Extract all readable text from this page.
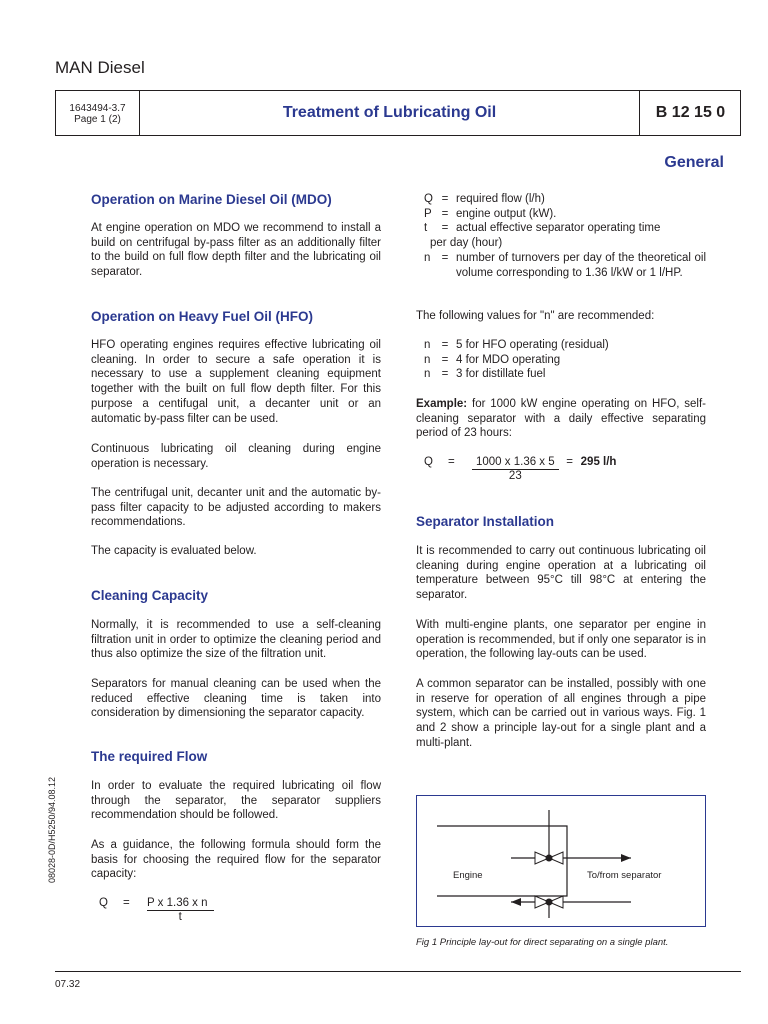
MAN Diesel
1643494-3.7
Page 1 (2)	Treatment of Lubricating Oil	B 12 15 0
General
Operation on Marine Diesel Oil (MDO)
At engine operation on MDO we recommend to install a build on centrifugal by-pass filter as an additionally filter to the build on full flow depth filter and the lubricating oil separator.
Operation on Heavy Fuel Oil (HFO)
HFO operating engines requires effective lubricating oil cleaning. In order to secure a safe operation it is necessary to use a supplement cleaning equipment together with the built on full flow depth filter. For this purpose a centifugal unit, a decanter unit or an automatic by-pass filter can be used.
Continuous lubricating oil cleaning during engine operation is necessary.
The centrifugal unit, decanter unit and the automatic by-pass filter capacity to be adjusted according to makers recommendations.
The capacity is evaluated below.
Cleaning Capacity
Normally, it is recommended to use a self-cleaning filtration unit in order to optimize the cleaning period and thus also optimize the size of the filtration unit.
Separators for manual cleaning can be used when the reduced effective cleaning time is taken into consideration by dimensioning the separator capacity.
The required Flow
In order to evaluate the required lubricating oil flow through the separator, the separator suppliers recommendation should be followed.
As a guidance, the following formula should form the basis for choosing the required flow for the separator capacity:
Q	=	$\frac{\text{P x 1.36 x n}}{t}$
Q = required flow (l/h)
P = engine output (kW).
t	= actual effective separator operating time
per day (hour)
n = number of turnovers per day of the theoretical oil volume corresponding to 1.36 l/kW or 1 l/HP.
The following values for "n" are recommended:
n = 5 for HFO operating (residual)
n = 4 for MDO operating
n = 3 for distillate fuel
Example: for 1000 kW engine operating on HFO, self-cleaning separator with a daily effective separating period of 23 hours:
Q	=	$\frac{1000 x 1.36 x 5}{23} = 295$ l/h
Separator Installation
It is recommended to carry out continuous lubricating oil cleaning during engine operation at a lubricating oil temperature between 95°C till 98°C at entering the separator.
With multi-engine plants, one separator per engine in operation is recommended, but if only one separator is in operation, the following lay-outs can be used.
A common separator can be installed, possibly with one in reserve for operation of all engines through a pipe system, which can be carried out in various ways. Fig. 1 and 2 show a principle lay-out for a single plant and a multi-plant.
Engine	To/from separator
Fig 1 Principle lay-out for direct separating on a single plant.
08028-0D/H5250/94.08.12
07.32
